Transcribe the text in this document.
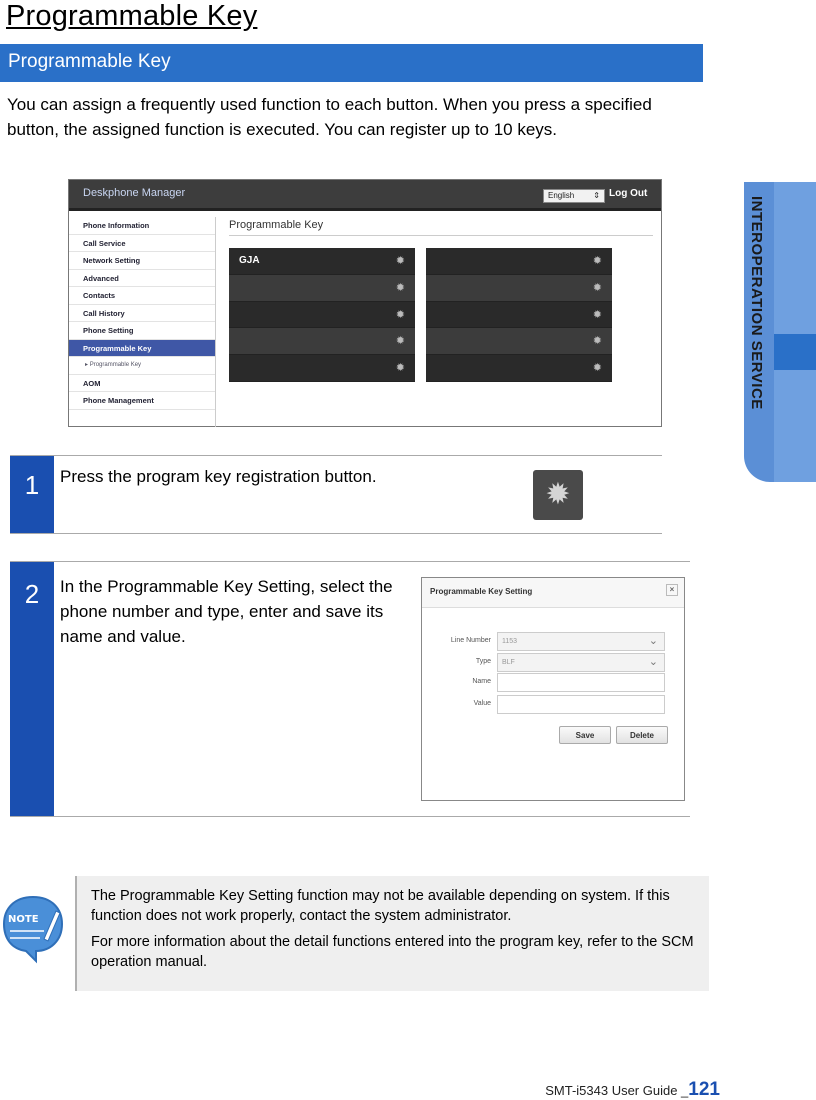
Programmable Key
Programmable Key

You can assign a frequently used function to each button. When you press a specified button, the assigned function is executed. You can register up to 10 keys.

INTEROPERATION SERVICE
Deskphone Manager	English ⇕ Log Out
Phone Information
Call Service
Network Setting
Advanced
Contacts
Call History
Phone Setting
Programmable Key
▸ Programmable Key
AOM
Phone Management
Programmable Key
GJA	✹
✹
✹
✹
✹
✹
✹
✹
✹
✹
1	Press the program key registration button.
✹
2	In the Programmable Key Setting, select the phone number and type, enter and save its name and value.
Programmable Key Setting	×
Line Number	1153	⌄
Type	BLF	⌄
Name
Value
Save	Delete
NOTE

The Programmable Key Setting function may not be available depending on system. If this function does not work properly, contact the system administrator.

For more information about the detail functions entered into the program key, refer to the SCM operation manual.

SMT-i5343 User Guide _121
